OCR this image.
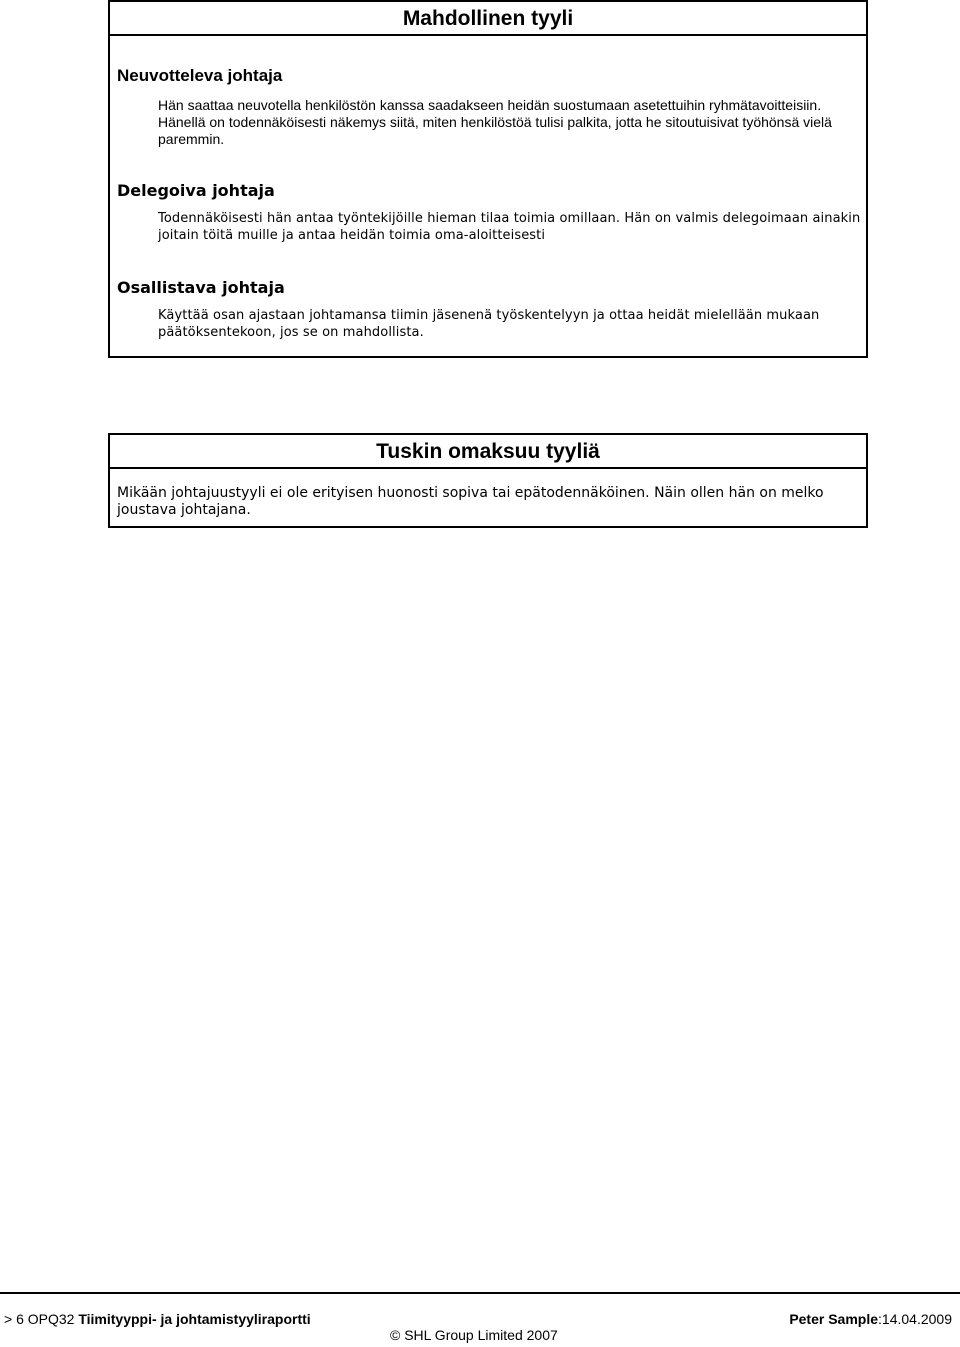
Mahdollinen tyyli
Neuvotteleva johtaja
Hän saattaa neuvotella henkilöstön kanssa saadakseen heidän suostumaan asetettuihin ryhmätavoitteisiin. Hänellä on todennäköisesti näkemys siitä, miten henkilöstöä tulisi palkita, jotta he sitoutuisivat työhönsä vielä paremmin.
Delegoiva johtaja
Todennäköisesti hän antaa työntekijöille hieman tilaa toimia omillaan. Hän on valmis delegoimaan ainakin joitain töitä muille ja antaa heidän toimia oma-aloitteisesti
Osallistava johtaja
Käyttää osan ajastaan johtamansa tiimin jäsenenä työskentelyyn ja ottaa heidät mielellään mukaan päätöksentekoon, jos se on mahdollista.
Tuskin omaksuu tyyliä
Mikään johtajuustyyli ei ole erityisen huonosti sopiva tai epätodennäköinen. Näin ollen hän on melko joustava johtajana.
> 6 OPQ32 Tiimityyppi- ja johtamistyyliraportti	Peter Sample:14.04.2009
© SHL Group Limited 2007
